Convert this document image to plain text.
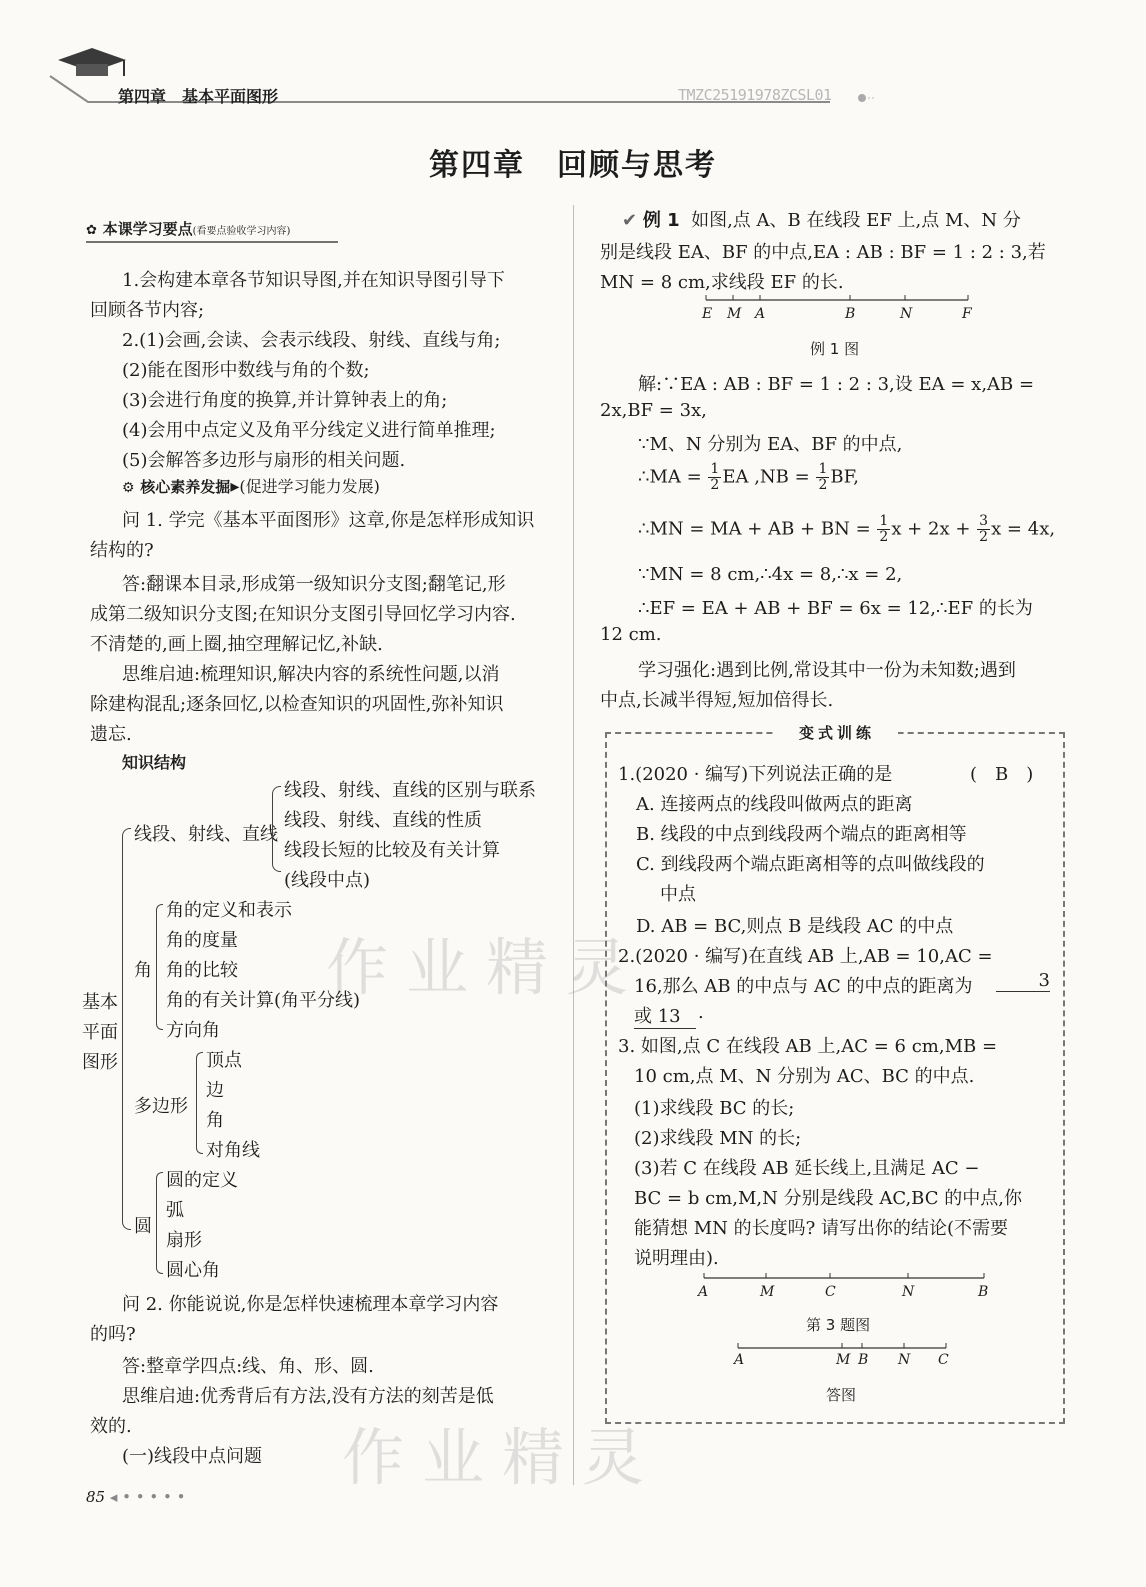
第四章　基本平面图形	TMZC25191978ZCSL01
第四章　回顾与思考
作业精灵
作业精灵
✿ 本课学习要点(看要点验收学习内容)
1.会构建本章各节知识导图,并在知识导图引导下
回顾各节内容;
2.(1)会画,会读、会表示线段、射线、直线与角;
(2)能在图形中数线与角的个数;
(3)会进行角度的换算,并计算钟表上的角;
(4)会用中点定义及角平分线定义进行简单推理;
(5)会解答多边形与扇形的相关问题.
⚙ 核心素养发掘▸(促进学习能力发展)
问 1. 学完《基本平面图形》这章,你是怎样形成知识
结构的?
答:翻课本目录,形成第一级知识分支图;翻笔记,形
成第二级知识分支图;在知识分支图引导回忆学习内容.
不清楚的,画上圈,抽空理解记忆,补缺.
思维启迪:梳理知识,解决内容的系统性问题,以消
除建构混乱;逐条回忆,以检查知识的巩固性,弥补知识
遗忘.
知识结构
基本
平面
图形
线段、射线、直线
线段、射线、直线的区别与联系
线段、射线、直线的性质
线段长短的比较及有关计算
(线段中点)
角
角的定义和表示
角的度量
角的比较
角的有关计算(角平分线)
方向角
多边形
顶点
边
角
对角线
圆
圆的定义
弧
扇形
圆心角
问 2. 你能说说,你是怎样快速梳理本章学习内容
的吗?
答:整章学四点:线、角、形、圆.
思维启迪:优秀背后有方法,没有方法的刻苦是低
效的.
(一)线段中点问题
85 ◂ • • • • •
✔ 例 1 如图,点 A、B 在线段 EF 上,点 M、N 分
别是线段 EA、BF 的中点,EA : AB : BF = 1 : 2 : 3,若
MN = 8 cm,求线段 EF 的长.
E M A	B	N	F
例 1 图
解:∵EA : AB : BF = 1 : 2 : 3,设 EA = x,AB =
2x,BF = 3x,
∵M、N 分别为 EA、BF 的中点,
∴MA = $\frac{1}{2}$ EA $,NB = \frac{1}{2}$ BF,
∴MN = MA + AB + BN = $\frac{1}{2}$ $x + 2x + \frac{3}{2}$ x = 4x,
∵MN = 8 cm,∴4x = 8,∴x = 2,
∴EF = EA + AB + BF = 6x = 12,∴EF 的长为
12 cm.
学习强化:遇到比例,常设其中一份为未知数;遇到
中点,长减半得短,短加倍得长.
变式训练
1.(2020 · 编写)下列说法正确的是	(　B　)
A. 连接两点的线段叫做两点的距离
B. 线段的中点到线段两个端点的距离相等
C. 到线段两个端点距离相等的点叫做线段的
中点
D. AB = BC,则点 B 是线段 AC 的中点
2.(2020 · 编写)在直线 AB 上,AB = 10,AC =
16,那么 AB 的中点与 AC 的中点的距离为	3
或 13 .
3. 如图,点 C 在线段 AB 上,AC = 6 cm,MB =
10 cm,点 M、N 分别为 AC、BC 的中点.
(1)求线段 BC 的长;
(2)求线段 MN 的长;
(3)若 C 在线段 AB 延长线上,且满足 AC −
BC = b cm,M,N 分别是线段 AC,BC 的中点,你
能猜想 MN 的长度吗? 请写出你的结论(不需要
说明理由).
A	M	C	N	B
第 3 题图
A	M B N C
答图
